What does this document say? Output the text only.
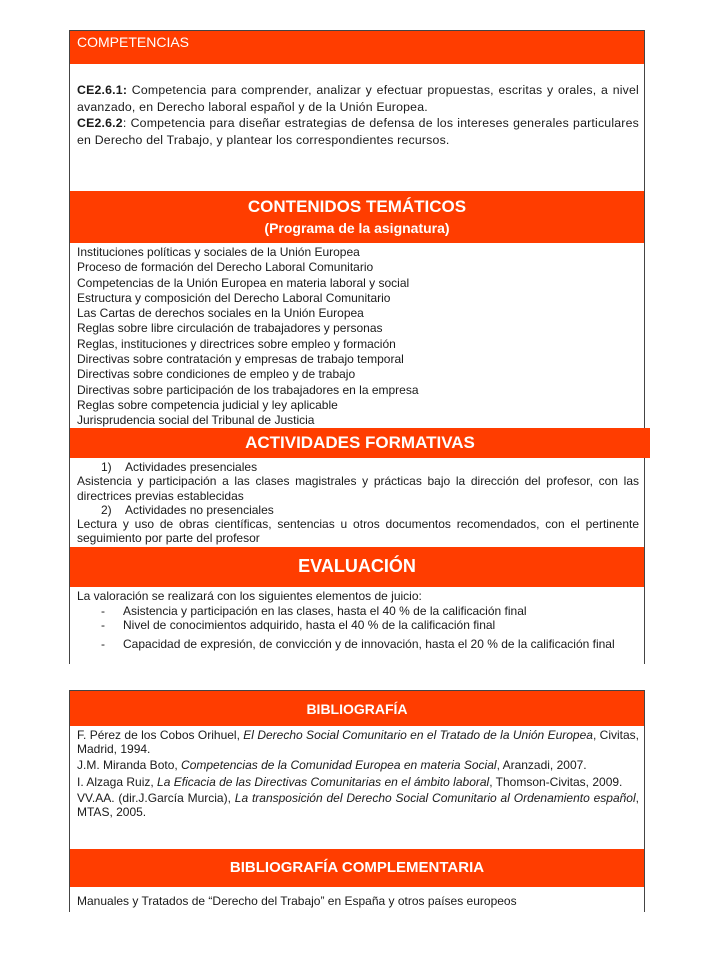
COMPETENCIAS
CE2.6.1: Competencia para comprender, analizar y efectuar propuestas, escritas y orales, a nivel avanzado, en Derecho laboral español y de la Unión Europea.
CE2.6.2: Competencia para diseñar estrategias de defensa de los intereses generales particulares en Derecho del Trabajo, y plantear los correspondientes recursos.
CONTENIDOS TEMÁTICOS
(Programa de la asignatura)
Instituciones políticas y sociales de la Unión Europea
Proceso de formación del Derecho Laboral Comunitario
Competencias de la Unión Europea en materia laboral y social
Estructura y composición del Derecho Laboral Comunitario
Las Cartas de derechos sociales en la Unión Europea
Reglas sobre libre circulación de trabajadores y personas
Reglas, instituciones y directrices sobre empleo y formación
Directivas sobre contratación y empresas de trabajo temporal
Directivas sobre condiciones de empleo y de trabajo
Directivas sobre participación de los trabajadores en la empresa
Reglas sobre competencia judicial y ley aplicable
Jurisprudencia social del Tribunal de Justicia
ACTIVIDADES FORMATIVAS
1)	Actividades presenciales
Asistencia y participación a las clases magistrales y prácticas bajo la dirección del profesor, con las directrices previas establecidas
2)	Actividades no presenciales
Lectura y uso de obras científicas, sentencias u otros documentos recomendados, con el pertinente seguimiento por parte del profesor
EVALUACIÓN
La valoración se realizará con los siguientes elementos de juicio:
-	Asistencia y participación en las clases, hasta el 40 % de la calificación final
-	Nivel de conocimientos adquirido, hasta el 40 % de la calificación final
-	Capacidad de expresión, de convicción y de innovación, hasta el 20 % de la calificación final
BIBLIOGRAFÍA
F. Pérez de los Cobos Orihuel, El Derecho Social Comunitario en el Tratado de la Unión Europea, Civitas, Madrid, 1994.
J.M. Miranda Boto, Competencias de la Comunidad Europea en materia Social, Aranzadi, 2007.
I. Alzaga Ruiz, La Eficacia de las Directivas Comunitarias en el ámbito laboral, Thomson-Civitas, 2009.
VV.AA. (dir.J.García Murcia), La transposición del Derecho Social Comunitario al Ordenamiento español, MTAS, 2005.
BIBLIOGRAFÍA COMPLEMENTARIA
Manuales y Tratados de “Derecho del Trabajo” en España y otros países europeos
